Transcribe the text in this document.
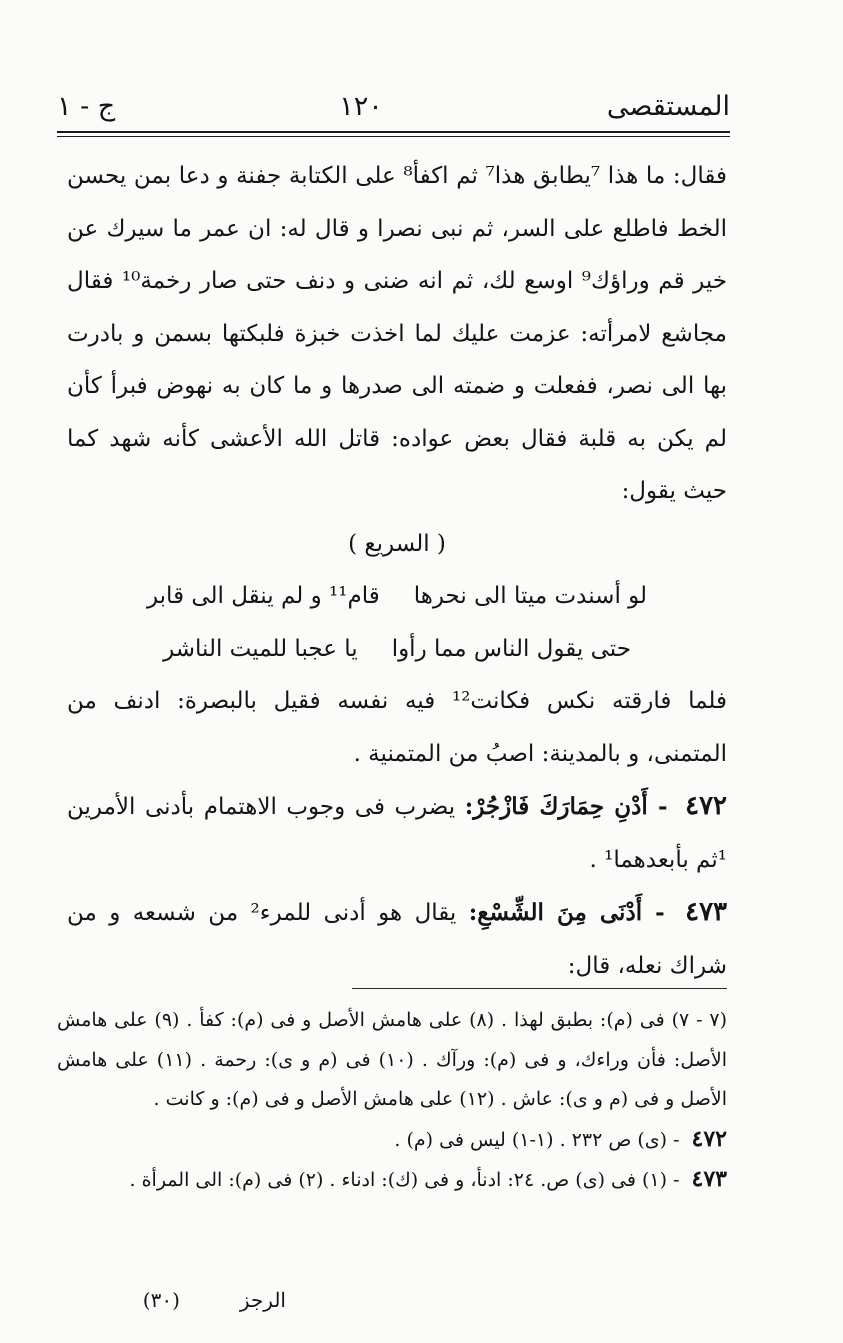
المستقصى
١٢٠
ج - ١

فقال: ما هذا ⁷يطابق هذا⁷ ثم اكفأ⁸ على الكتابة جفنة و دعا بمن يحسن الخط فاطلع على السر، ثم نبى نصرا و قال له: ان عمر ما سيرك عن خير قم وراؤك⁹ اوسع لك، ثم انه ضنى و دنف حتى صار رخمة¹⁰ فقال مجاشع لامرأته: عزمت عليك لما اخذت خبزة فلبكتها بسمن و بادرت بها الى نصر، ففعلت و ضمته الى صدرها و ما كان به نهوض فبرأ كأن لم يكن به قلبة فقال بعض عواده: قاتل الله الأعشى كأنه شهد كما حيث يقول:

( السريع )

لو أسندت ميتا الى نحرها
قام¹¹ و لم ينقل الى قابر

حتى يقول الناس مما رأوا
يا عجبا للميت الناشر

فلما فارقته نكس فكانت¹² فيه نفسه فقيل بالبصرة: ادنف من المتمنى، و بالمدينة: اصبُ من المتمنية .

٤٧٢ - أَدْنِ حِمَارَكَ فَازْجُرْ: يضرب فى وجوب الاهتمام بأدنى الأمرين ¹ثم بأبعدهما¹ .

٤٧٣ - أَدْنَى مِنَ الشِّسْعِ: يقال هو أدنى للمرء² من شسعه و من شراك نعله، قال:

(٧ - ٧) فى (م): بطبق لهذا . (٨) على هامش الأصل و فى (م): كفأ . (٩) على هامش الأصل: فأن وراءك، و فى (م): ورآك . (١٠) فى (م و ى): رحمة . (١١) على هامش الأصل و فى (م و ى): عاش . (١٢) على هامش الأصل و فى (م): و كانت .

٤٧٢ - (ى) ص ٢٣٢ . (١-١) ليس فى (م) .

٤٧٣ - (١) فى (ى) ص. ٢٤: ادنأ، و فى (ك): ادناء . (٢) فى (م): الى المرأة .

الرجز
(٣٠)
